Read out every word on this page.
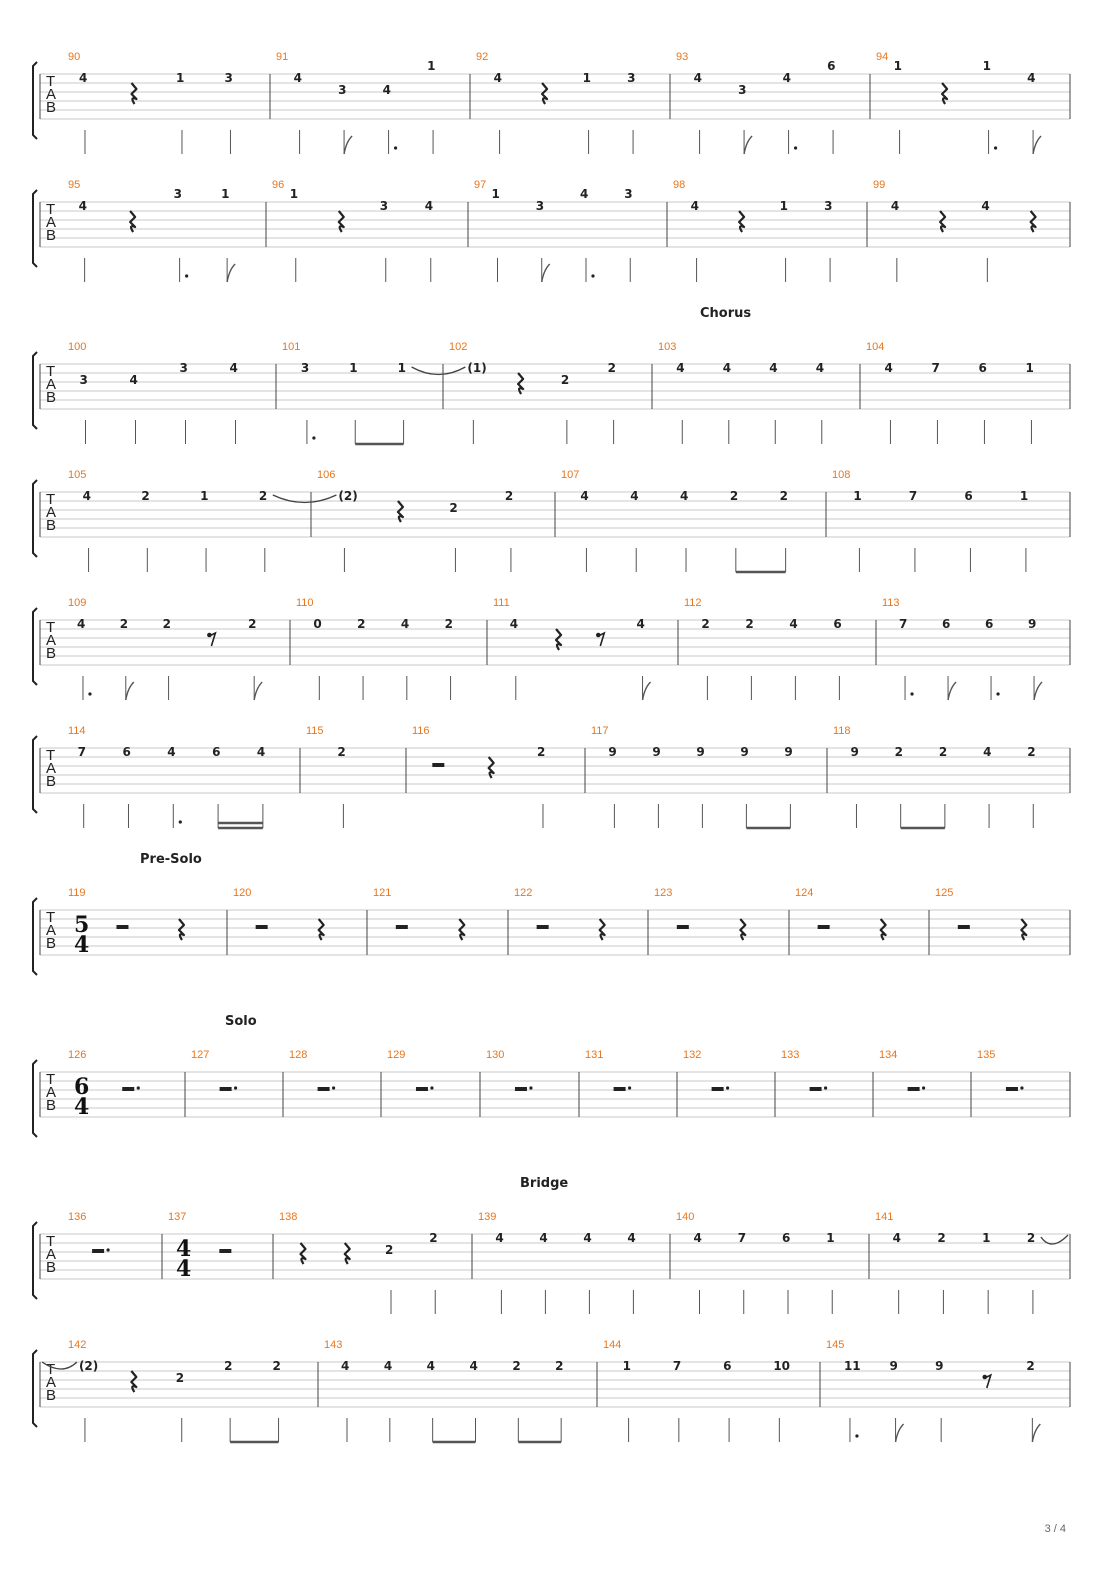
T
A
B
90
4	1	3
91
4
3	4
1
92
4	1	3
93
4
3
4
6
94
1	1
4
T
A
B
95
4
3	1
96
1
3	4
97
1
3
4	3
98
4	1	3
99
4	4
T
A
B
Chorus
100
3	4
3	4
101
3	1	1
102
(1)
2
2
103
4	4	4	4
104
4	7	6	1
T
A
B
105
4	2	1	2
106
(2)
2
2
107
4	4	4	2	2
108
1	7	6	1
T
A
B
109
4	2	2	2
110
0	2	4	2
111
4	4
112
2	2	4	6
113
7	6	6	9
T
A
B
114
7	6	4	6	4
115
2
116
2
117
9	9	9	9	9
118
9	2	2	4	2
T
A
B
Pre-Solo
119
5
4
120	121	122	123	124	125
T
A
B
Solo
126
6
4
127	128	129	130	131	132	133	134	135
T
A
B
Bridge
136	137
4
4
138
2
2
139
4	4	4	4
140
4	7	6	1
141
4	2	1	2
T
A
B
142
(2)
2
2	2
143
4	4	4	4	2	2
144
1	7	6	10
145
11 9	9	2
3 / 4
